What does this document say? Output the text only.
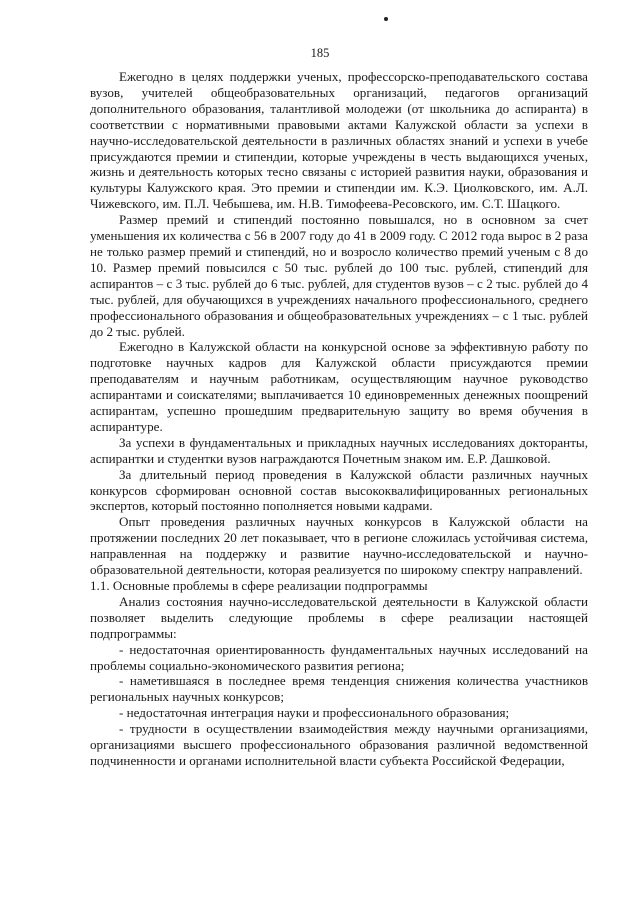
185

Ежегодно в целях поддержки ученых, профессорско-преподавательского состава вузов, учителей общеобразовательных организаций, педагогов организаций дополнительного образования, талантливой молодежи (от школьника до аспиранта) в соответствии с нормативными правовыми актами Калужской области за успехи в научно-исследовательской деятельности в различных областях знаний и успехи в учебе присуждаются премии и стипендии, которые учреждены в честь выдающихся ученых, жизнь и деятельность которых тесно связаны с историей развития науки, образования и культуры Калужского края. Это премии и стипендии им. К.Э. Циолковского, им. А.Л. Чижевского, им. П.Л. Чебышева, им. Н.В. Тимофеева-Ресовского, им. С.Т. Шацкого.

Размер премий и стипендий постоянно повышался, но в основном за счет уменьшения их количества с 56 в 2007 году до 41 в 2009 году. С 2012 года вырос в 2 раза не только размер премий и стипендий, но и возросло количество премий ученым с 8 до 10. Размер премий повысился с 50 тыс. рублей до 100 тыс. рублей, стипендий для аспирантов – с 3 тыс. рублей до 6 тыс. рублей, для студентов вузов – с 2 тыс. рублей до 4 тыс. рублей, для обучающихся в учреждениях начального профессионального, среднего профессионального образования и общеобразовательных учреждениях – с 1 тыс. рублей до 2 тыс. рублей.

Ежегодно в Калужской области на конкурсной основе за эффективную работу по подготовке научных кадров для Калужской области присуждаются премии преподавателям и научным работникам, осуществляющим научное руководство аспирантами и соискателями; выплачивается 10 единовременных денежных поощрений аспирантам, успешно прошедшим предварительную защиту во время обучения в аспирантуре.

За успехи в фундаментальных и прикладных научных исследованиях докторанты, аспирантки и студентки вузов награждаются Почетным знаком им. Е.Р. Дашковой.

За длительный период проведения в Калужской области различных научных конкурсов сформирован основной состав высококвалифицированных региональных экспертов, который постоянно пополняется новыми кадрами.

Опыт проведения различных научных конкурсов в Калужской области на протяжении последних 20 лет показывает, что в регионе сложилась устойчивая система, направленная на поддержку и развитие научно-исследовательской и научно-образовательной деятельности, которая реализуется по широкому спектру направлений.

1.1. Основные проблемы в сфере реализации подпрограммы

Анализ состояния научно-исследовательской деятельности в Калужской области позволяет выделить следующие проблемы в сфере реализации настоящей подпрограммы:

- недостаточная ориентированность фундаментальных научных исследований на проблемы социально-экономического развития региона;

- наметившаяся в последнее время тенденция снижения количества участников региональных научных конкурсов;

- недостаточная интеграция науки и профессионального образования;

- трудности в осуществлении взаимодействия между научными организациями, организациями высшего профессионального образования различной ведомственной подчиненности и органами исполнительной власти субъекта Российской Федерации,
